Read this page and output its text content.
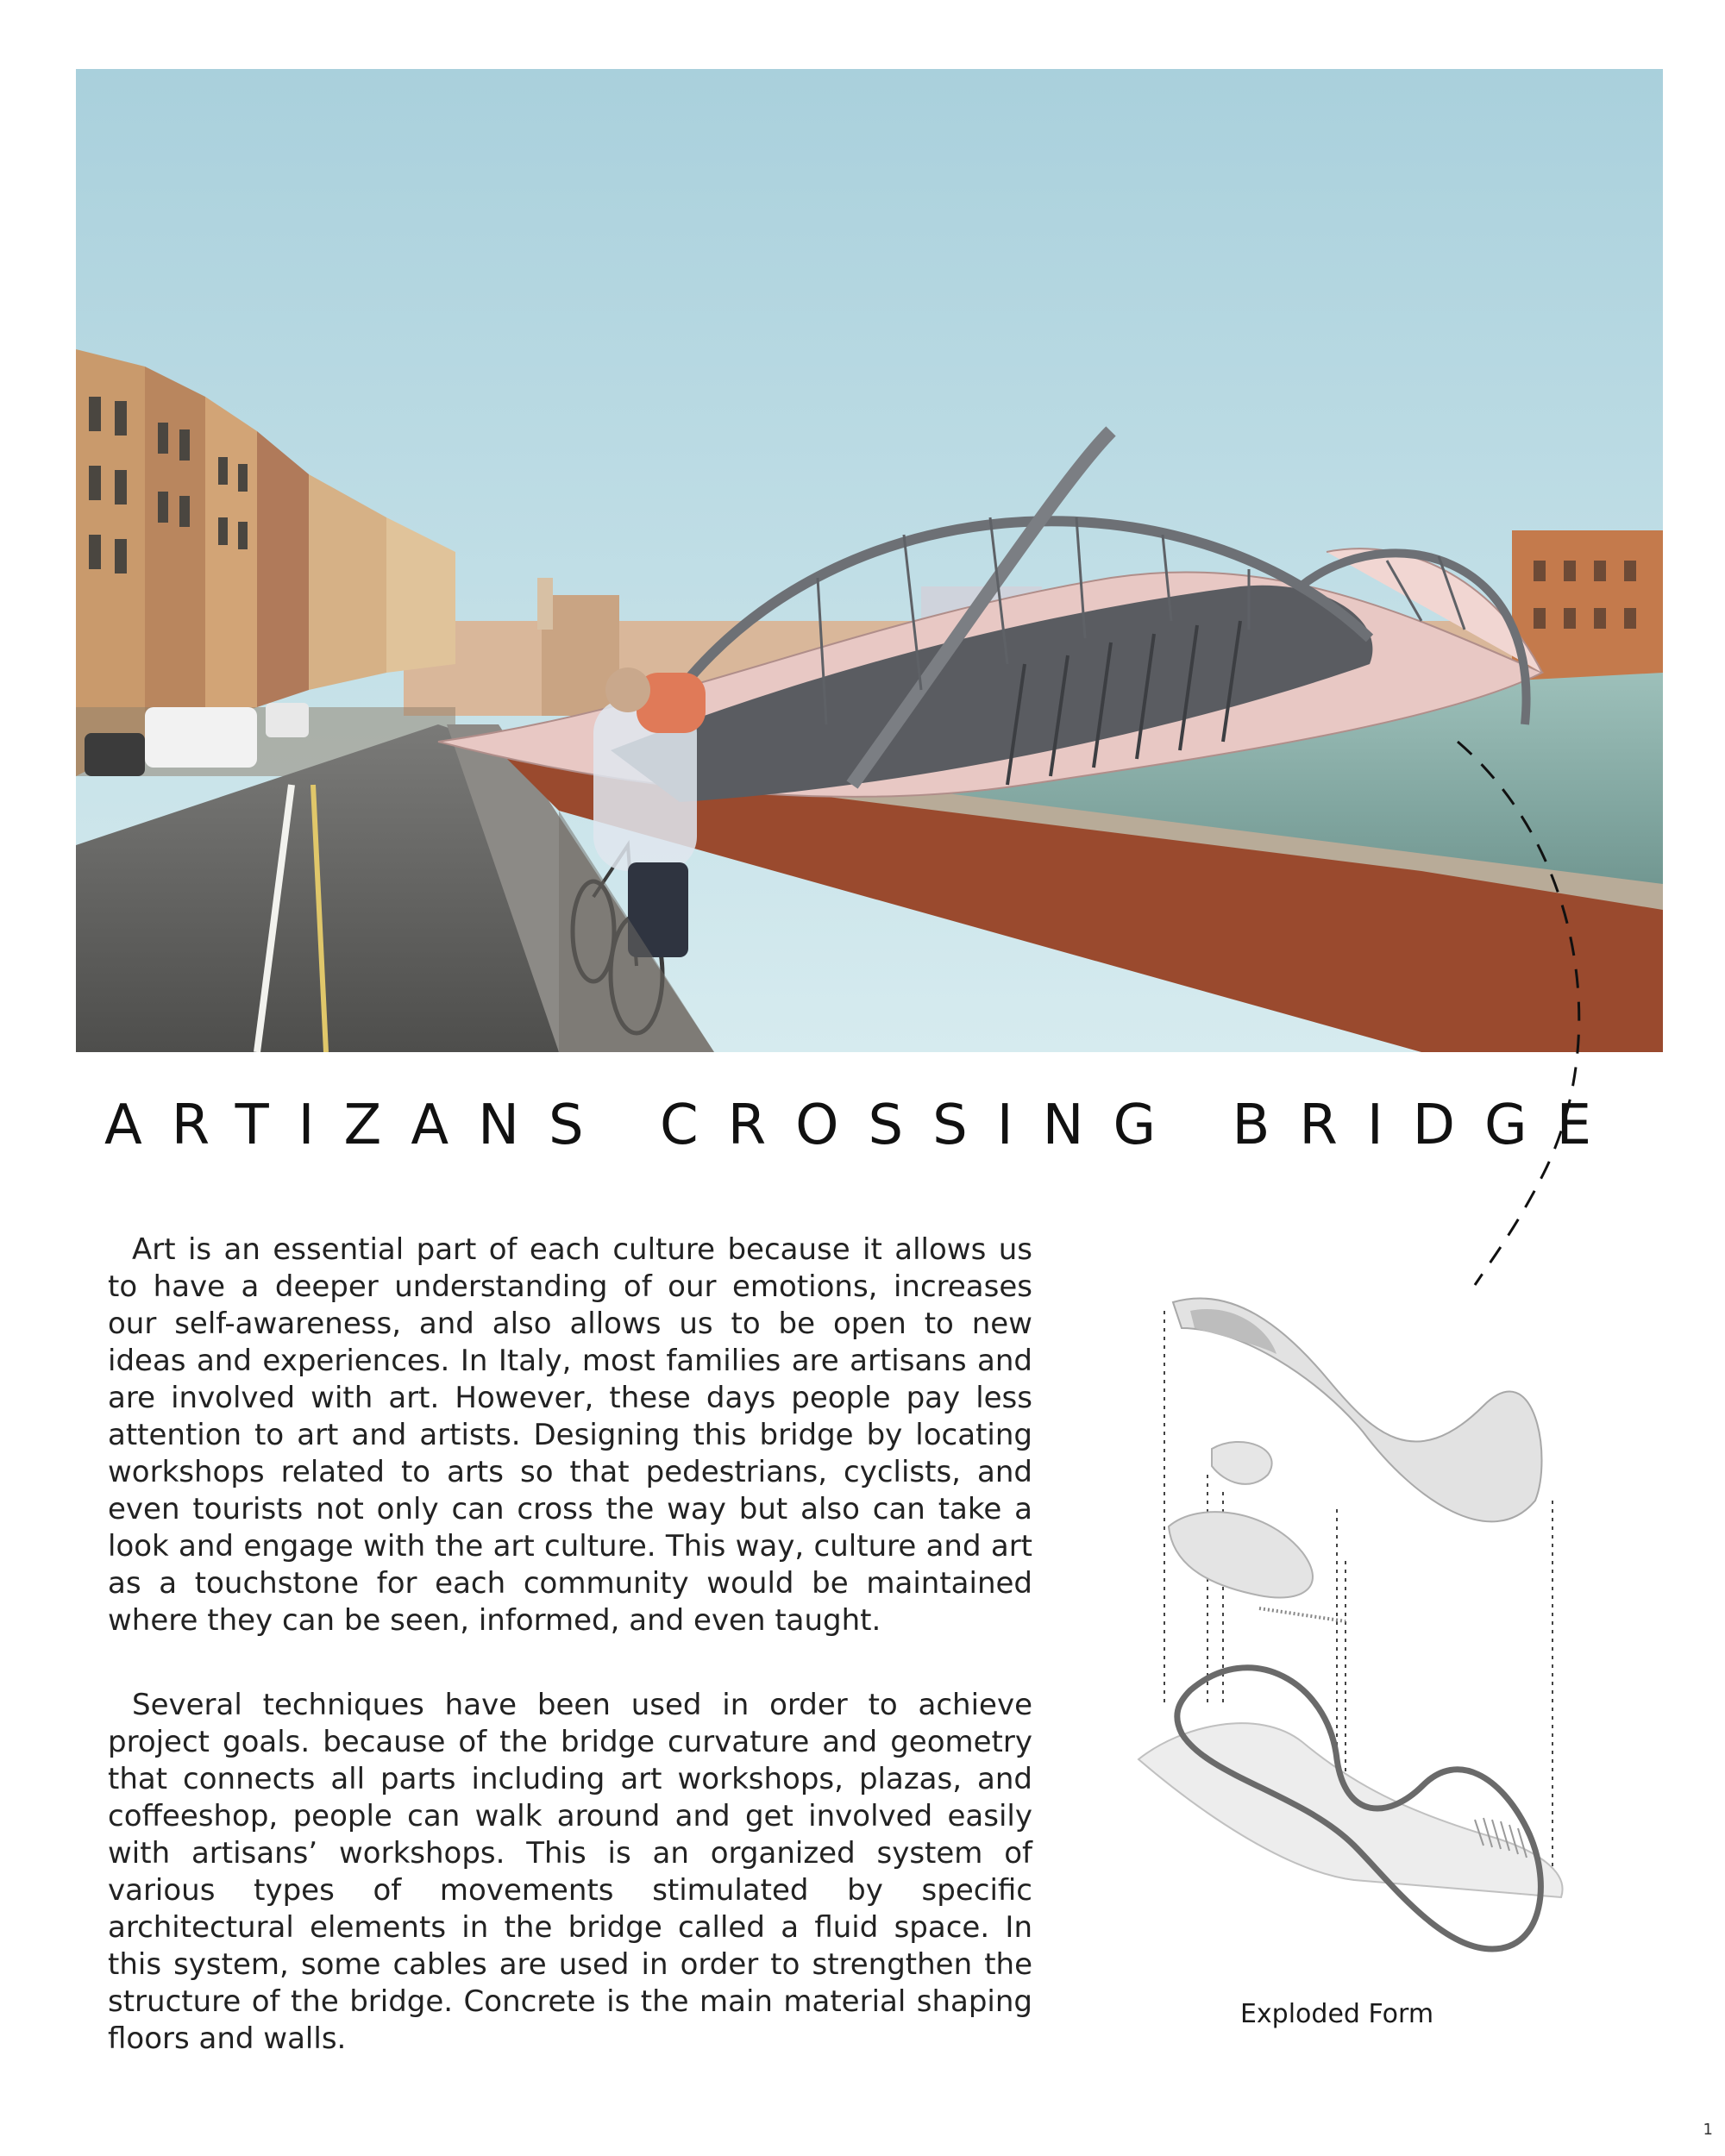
ARTIZANS CROSSING BRIDGE

Art is an essential part of each culture because it allows us to have a deeper understanding of our emotions, increases our self-awareness, and also allows us to be open to new ideas and experiences. In Italy, most families are artisans and are involved with art. However, these days people pay less attention to art and artists. Designing this bridge by locating workshops related to arts so that pedestrians, cyclists, and even tourists not only can cross the way but also can take a look and engage with the art culture. This way, culture and art as a touchstone for each community would be maintained where they can be seen, informed, and even taught.

Several techniques have been used in order to achieve project goals. because of the bridge curvature and geometry that connects all parts including art workshops, plazas, and coffeeshop, people can walk around and get involved easily with artisans’ workshops. This is an organized system of various types of movements stimulated by specific architectural elements in the bridge called a fluid space. In this system, some cables are used in order to strengthen the structure of the bridge. Concrete is the main material shaping floors and walls.

Exploded Form
1
